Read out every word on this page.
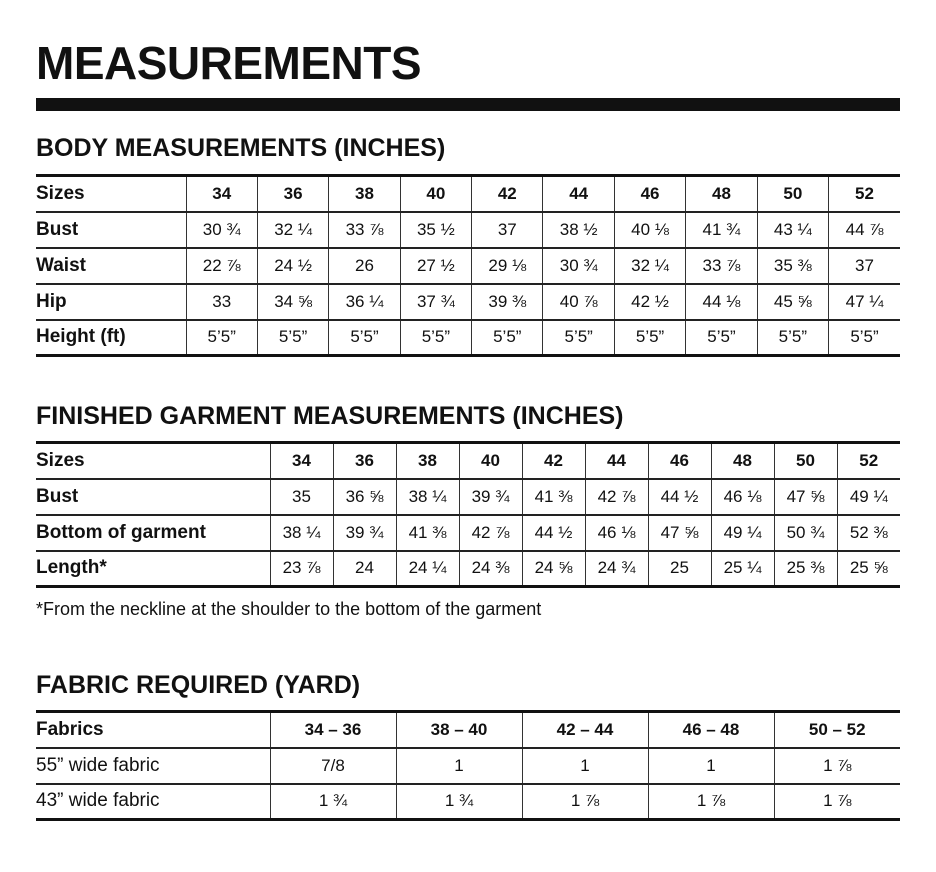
MEASUREMENTS
BODY MEASUREMENTS (INCHES)
Sizes	34	36	38	40	42	44	46	48	50	52
Bust	30 ¾	32 ¼	33 ⅞	35 ½	37	38 ½	40 ⅛	41 ¾	43 ¼	44 ⅞
Waist	22 ⅞	24 ½	26	27 ½	29 ⅛	30 ¾	32 ¼	33 ⅞	35 ⅜	37
Hip	33	34 ⅝	36 ¼	37 ¾	39 ⅜	40 ⅞	42 ½	44 ⅛	45 ⅝	47 ¼
Height (ft)	5’5”	5’5”	5’5”	5’5”	5’5”	5’5”	5’5”	5’5”	5’5”	5’5”
FINISHED GARMENT MEASUREMENTS (INCHES)
Sizes	34	36	38	40	42	44	46	48	50	52
Bust	35	36 ⅝	38 ¼	39 ¾	41 ⅜	42 ⅞	44 ½	46 ⅛	47 ⅝	49 ¼
Bottom of garment	38 ¼	39 ¾	41 ⅜	42 ⅞	44 ½	46 ⅛	47 ⅝	49 ¼	50 ¾	52 ⅜
Length*	23 ⅞	24	24 ¼	24 ⅜	24 ⅝	24 ¾	25	25 ¼	25 ⅜	25 ⅝
*From the neckline at the shoulder to the bottom of the garment
FABRIC REQUIRED (YARD)
Fabrics	34 – 36	38 – 40	42 – 44	46 – 48	50 – 52
55” wide fabric	7/8	1	1	1	1 ⅞
43” wide fabric	1 ¾	1 ¾	1 ⅞	1 ⅞	1 ⅞
